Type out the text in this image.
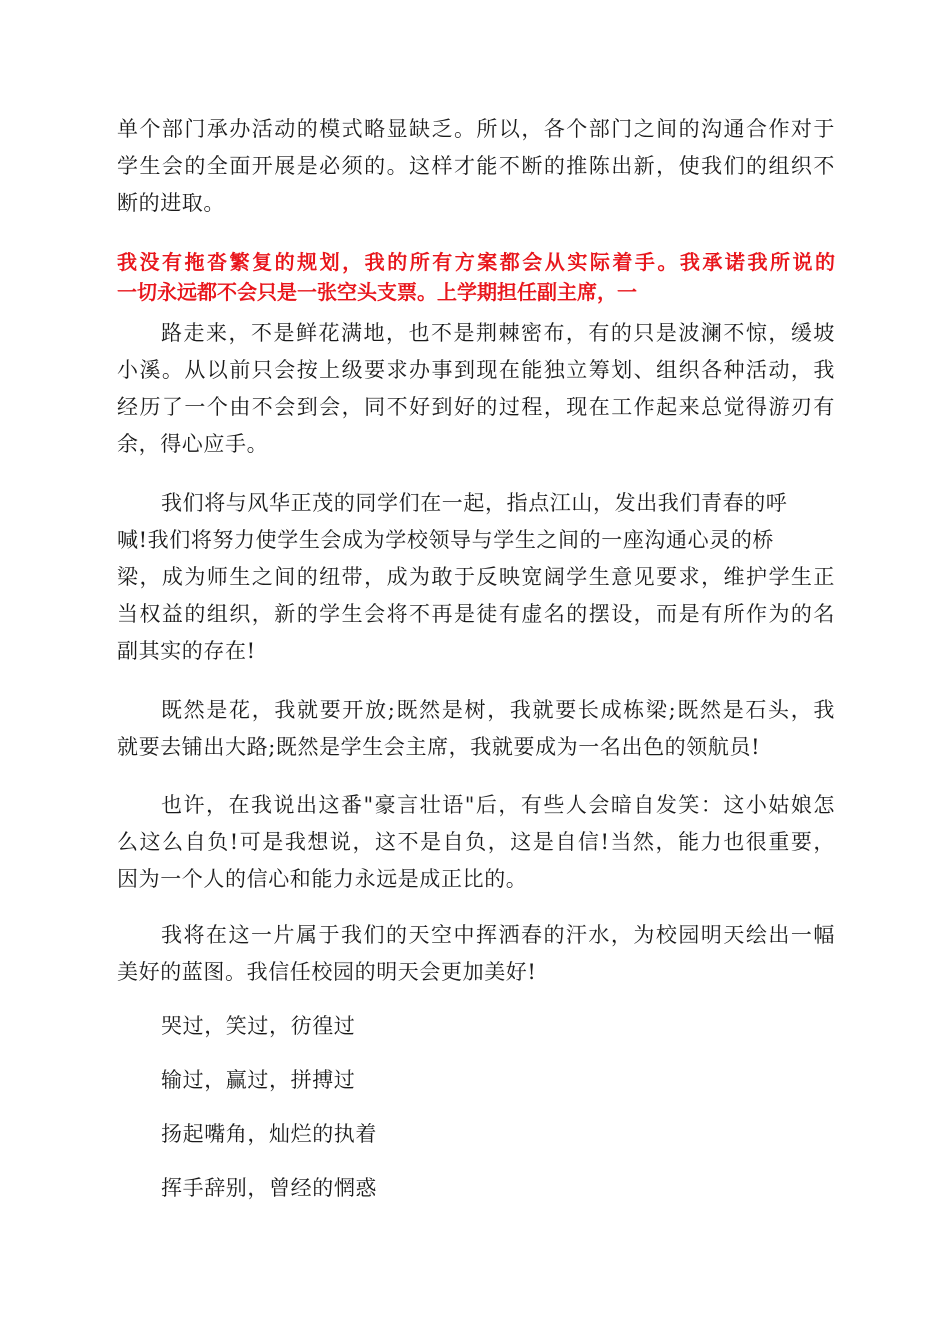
单个部门承办活动的模式略显缺乏。所以，各个部门之间的沟通合作对于
学生会的全面开展是必须的。这样才能不断的推陈出新，使我们的组织不
断的进取。
我没有拖沓繁复的规划，我的所有方案都会从实际着手。我承诺我所说的
一切永远都不会只是一张空头支票。上学期担任副主席，一
路走来，不是鲜花满地，也不是荆棘密布，有的只是波澜不惊，缓坡
小溪。从以前只会按上级要求办事到现在能独立筹划、组织各种活动，我
经历了一个由不会到会，同不好到好的过程，现在工作起来总觉得游刃有
余，得心应手。
我们将与风华正茂的同学们在一起，指点江山，发出我们青春的呼
喊!我们将努力使学生会成为学校领导与学生之间的一座沟通心灵的桥
梁，成为师生之间的纽带，成为敢于反映宽阔学生意见要求，维护学生正
当权益的组织，新的学生会将不再是徒有虚名的摆设，而是有所作为的名
副其实的存在!
既然是花，我就要开放;既然是树，我就要长成栋梁;既然是石头，我
就要去铺出大路;既然是学生会主席，我就要成为一名出色的领航员!
也许，在我说出这番"豪言壮语"后，有些人会暗自发笑：这小姑娘怎
么这么自负!可是我想说，这不是自负，这是自信!当然，能力也很重要，
因为一个人的信心和能力永远是成正比的。
我将在这一片属于我们的天空中挥洒春的汗水，为校园明天绘出一幅
美好的蓝图。我信任校园的明天会更加美好!
哭过，笑过，彷徨过
输过，赢过，拼搏过
扬起嘴角，灿烂的执着
挥手辞别，曾经的惘惑
